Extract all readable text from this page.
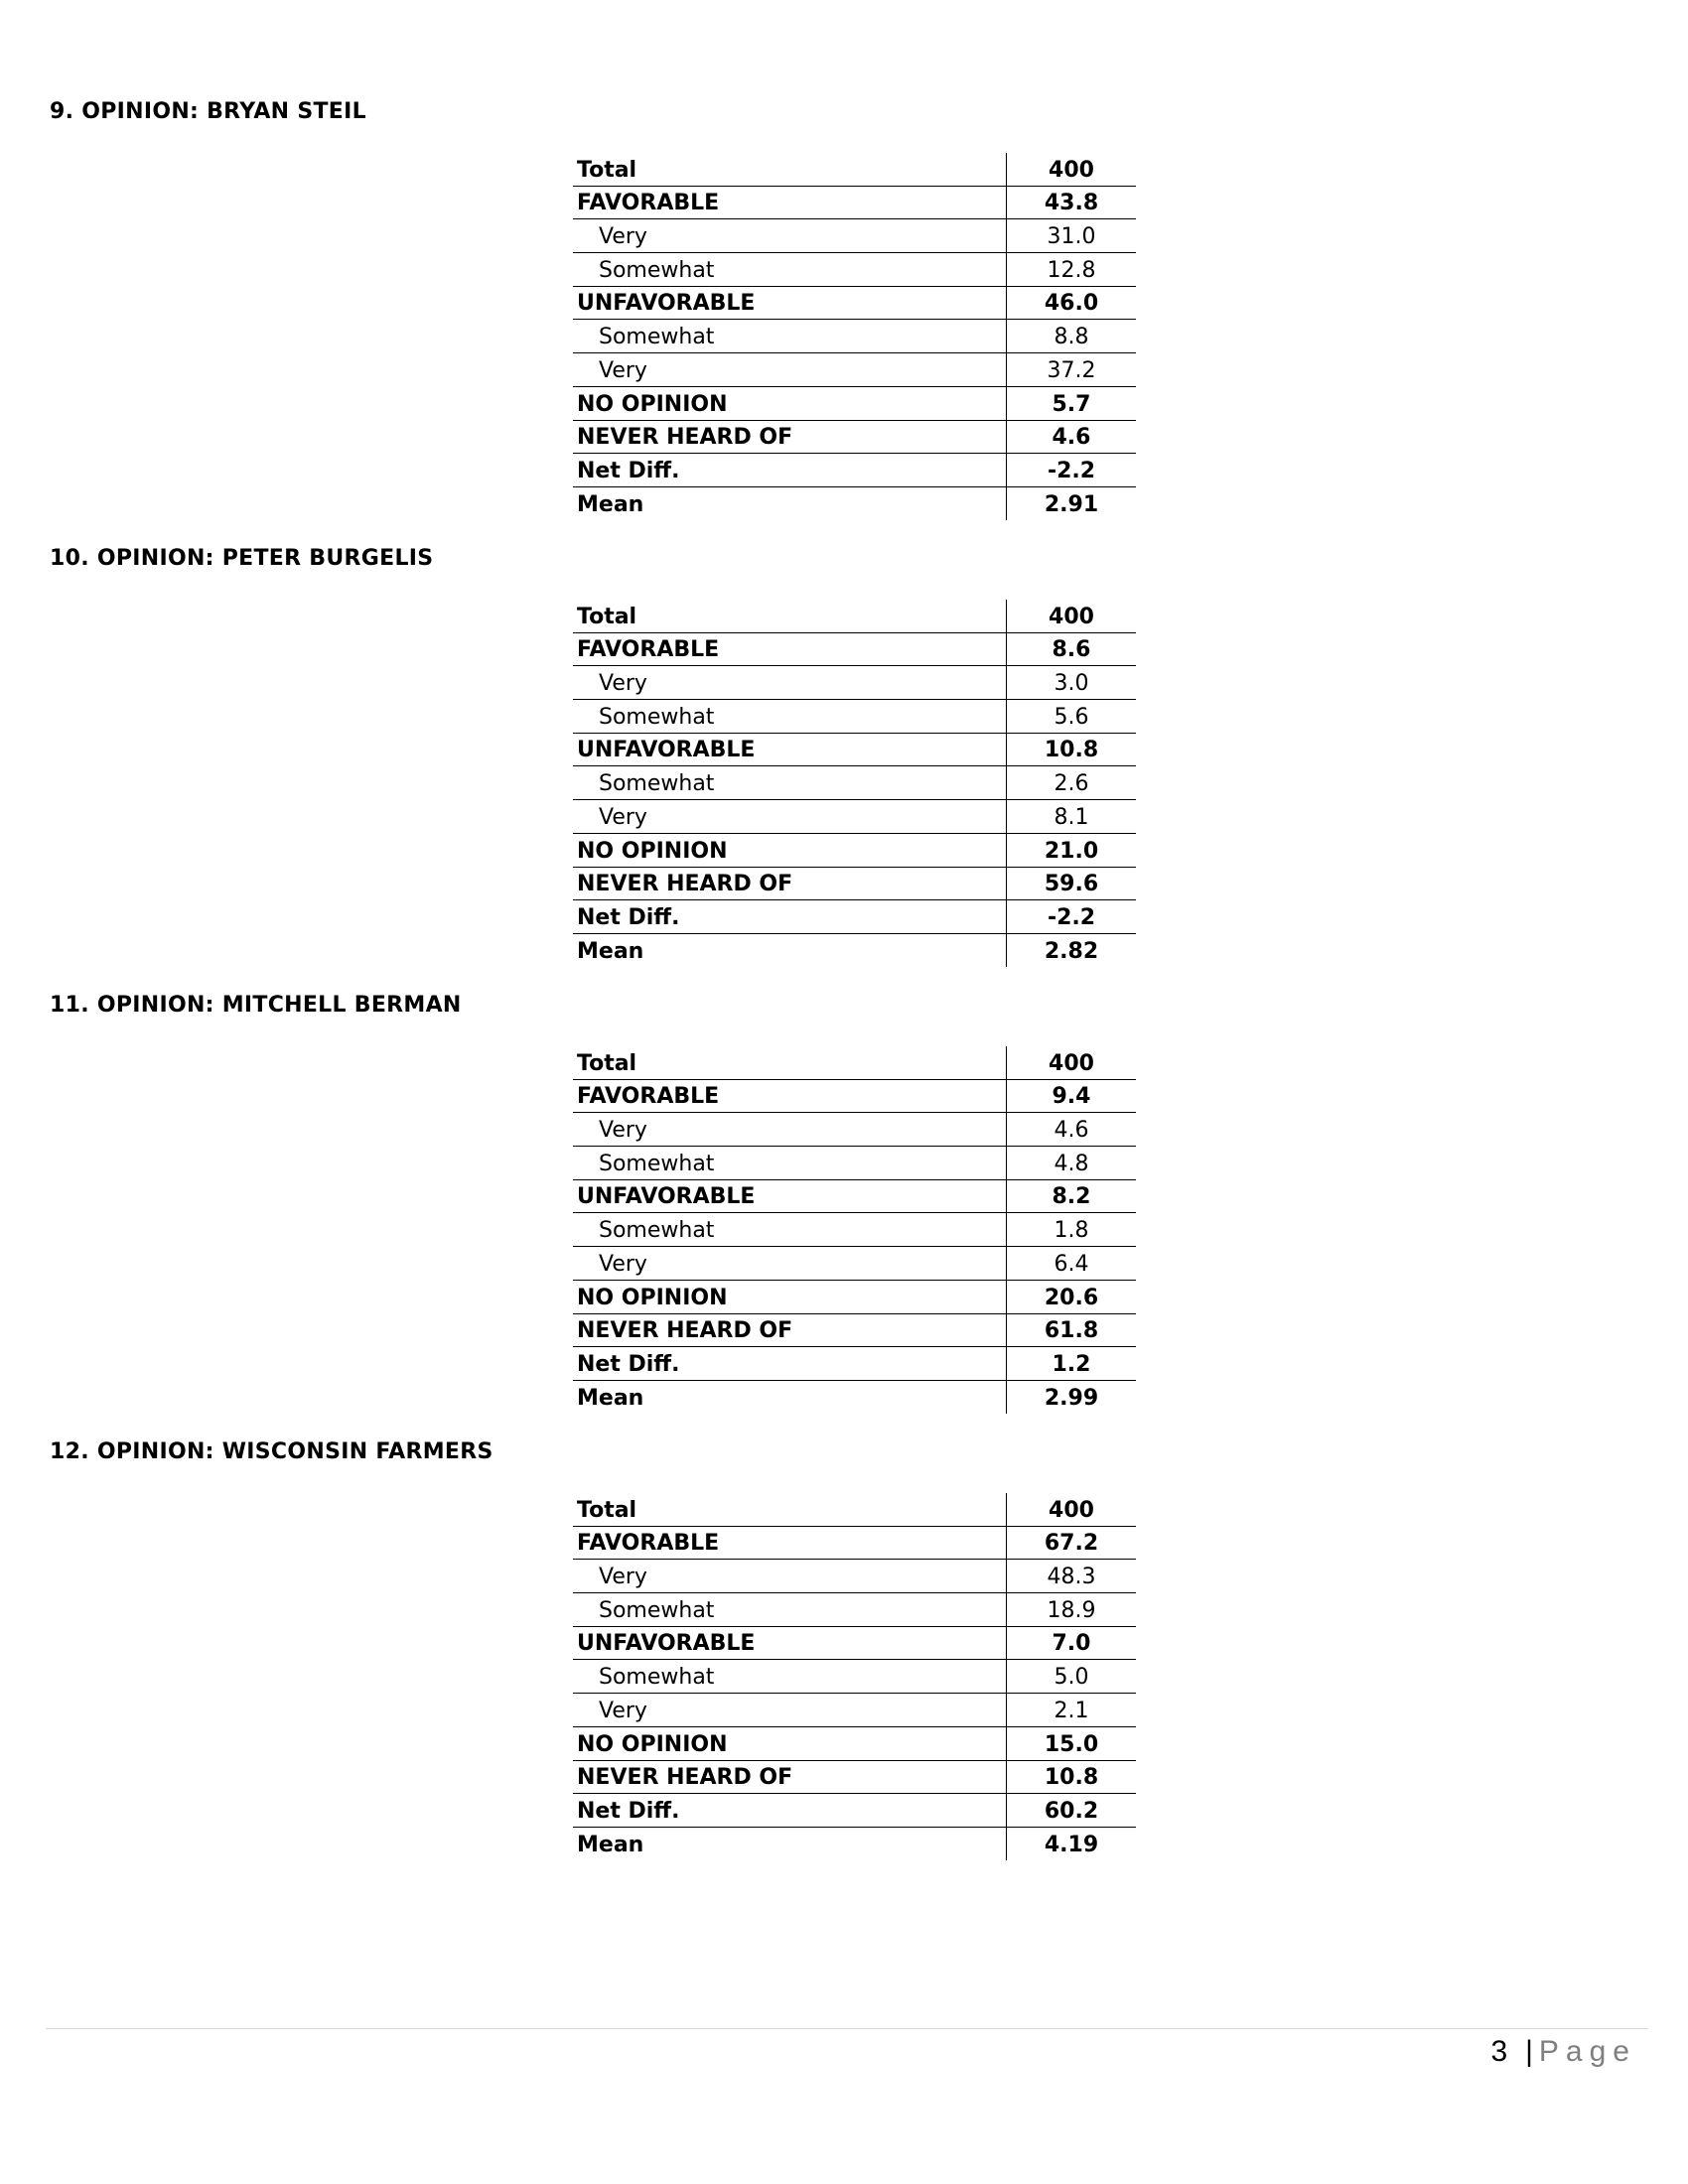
9. OPINION: BRYAN STEIL
Total	400
FAVORABLE	43.8
Very	31.0
Somewhat	12.8
UNFAVORABLE	46.0
Somewhat	8.8
Very	37.2
NO OPINION	5.7
NEVER HEARD OF	4.6
Net Diff.	-2.2
Mean	2.91
10. OPINION: PETER BURGELIS
Total	400
FAVORABLE	8.6
Very	3.0
Somewhat	5.6
UNFAVORABLE	10.8
Somewhat	2.6
Very	8.1
NO OPINION	21.0
NEVER HEARD OF	59.6
Net Diff.	-2.2
Mean	2.82
11. OPINION: MITCHELL BERMAN
Total	400
FAVORABLE	9.4
Very	4.6
Somewhat	4.8
UNFAVORABLE	8.2
Somewhat	1.8
Very	6.4
NO OPINION	20.6
NEVER HEARD OF	61.8
Net Diff.	1.2
Mean	2.99
12. OPINION: WISCONSIN FARMERS
Total	400
FAVORABLE	67.2
Very	48.3
Somewhat	18.9
UNFAVORABLE	7.0
Somewhat	5.0
Very	2.1
NO OPINION	15.0
NEVER HEARD OF	10.8
Net Diff.	60.2
Mean	4.19
3 | Page
